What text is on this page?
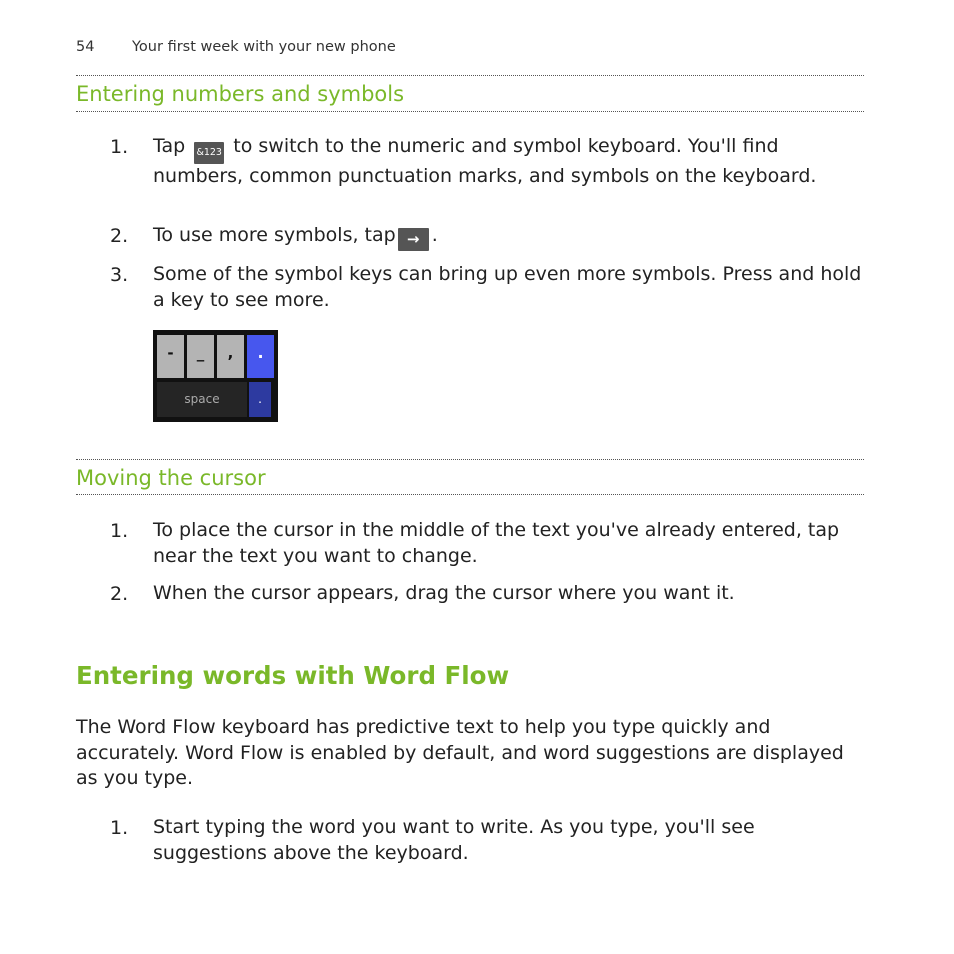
54	Your first week with your new phone
Entering numbers and symbols
1. Tap &123 to switch to the numeric and symbol keyboard. You'll find numbers, common punctuation marks, and symbols on the keyboard.
2. To use more symbols, tap → .
3. Some of the symbol keys can bring up even more symbols. Press and hold a key to see more.
-	_	,	.
space	.
Moving the cursor
1. To place the cursor in the middle of the text you've already entered, tap near the text you want to change.
2. When the cursor appears, drag the cursor where you want it.
Entering words with Word Flow
The Word Flow keyboard has predictive text to help you type quickly and accurately. Word Flow is enabled by default, and word suggestions are displayed as you type.
1. Start typing the word you want to write. As you type, you'll see suggestions above the keyboard.
